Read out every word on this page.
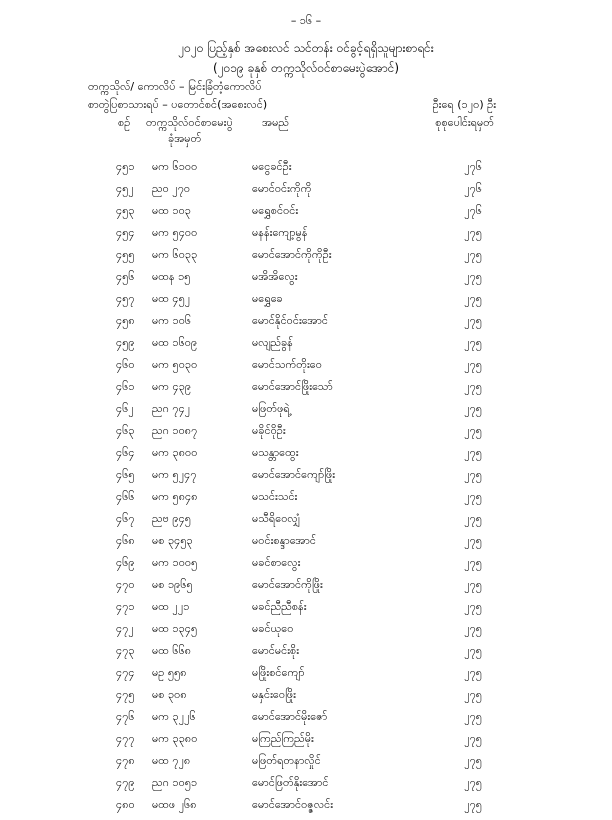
– ၁၆ –
၂၀၂၀ ပြည့်နှစ် အစေးလင် သင်တန်း ဝင်ခွင့်ရရှိသူများစာရင်း
(၂၀၁၉ ခုနှစ် တက္ကသိုလ်ဝင်စာမေးပွဲအောင်)
တက္ကသိုလ်/ ကောလိပ် – မြင်းခြံတံ့ကောလိပ်
စာတွဲပြစာသားရပ် – ပတောင်စင်(အစေးလင်)	ဦးရေ (၁၂၀) ဦး
စဉ် တက္ကသိုလ်ဝင်စာမေးပွဲ
ခုံအမှတ်
အမည်	စုစုပေါင်းရမှတ်
၄၅၁ မက ၆၁၀၀	မငွေခင်ဦး	၂၇၆
၄၅၂ ညဝ ၂၇၀	မောင်ဝင်းကိုကို	၂၇၆
၄၅၃ မထ ၁၀၃	မရွှေစင်ဝင်း	၂၇၆
၄၅၄ မက ၅၄၀၀	မနန်းကျော့မွန်	၂၇၅
၄၅၅ မက ၆၀၃၃	မောင်အောင်ကိုကိုဦး	၂၇၅
၄၅၆ မထန ၁၅	မအိအိလွေး	၂၇၅
၄၅၇ မထ ၄၅၂	မရွှေခေ	၂၇၅
၄၅၈ မက ၁၀၆	မောင်နိုင်ဝင်းအောင်	၂၇၅
၄၅၉ မထ ၁၆၀၉	မလျည်ခွန်	၂၇၅
၄၆၀ မက ၅၀၃၀	မောင်သက်တိုးဝေ	၂၇၅
၄၆၁ မက ၄၃၉	မောင်အောင်ဖြိုးသော်	၂၇၅
၄၆၂ ညဂ ၇၄၂	မဖြတ်ဖုရဲ့	၂၇၅
၄၆၃ ညဂ ၁၀၈၇	မခိုင်ဝိုဦး	၂၇၅
၄၆၄ မက ၃၈၀၀	မသန္တာထွေး	၂၇၅
၄၆၅ မက ၅၂၄၇	မောင်အောင်ကျော်ဖြိုး	၂၇၅
၄၆၆ မက ၅၈၄၈	မသင်းသင်း	၂၇၅
၄၆၇ ညဗ ၉၄၅	မသီရိဝေလျှံ	၂၇၅
၄၆၈ မစ ၃၄၅၃	မဝင်းစန္ဒာအောင်	၂၇၅
၄၆၉ မက ၁၀၀၅	မခင်စာလွေး	၂၇၅
၄၇၀ မစ ၁၉၆၅	မောင်အောင်ကိုဖြိုး	၂၇၅
၄၇၁ မထ ၂၂၁	မခင်ညီညီစန်း	၂၇၅
၄၇၂ မထ ၁၃၄၅	မခင်ယုဝေ	၂၇၅
၄၇၃ မထ ၆၆၈	မောင်မင်းစိုး	၂၇၅
၄၇၄ မဥ ၅၅၈	မဖြိုးစင်ကျော်	၂၇၅
၄၇၅ မစ ၃၀၈	မနှင်းဝေဖြိုး	၂၇၅
၄၇၆ မက ၃၂၂၆	မောင်အောင်မိုးဇော်	၂၇၅
၄၇၇ မက ၃၃၈၀	မကြည်ကြည်မိုး	၂၇၅
၄၇၈ မထ ၇၂၈	မဖြတ်ရတနာလှိုင်	၂၇၅
၄၇၉ ညဂ ၁၀၅၁	မောင်ဖြတ်နိုးအောင်	၂၇၅
၄၈၀ မထဖ ၂၆၈	မောင်အောင်ဝဇ္ဇလင်း	၂၇၅
